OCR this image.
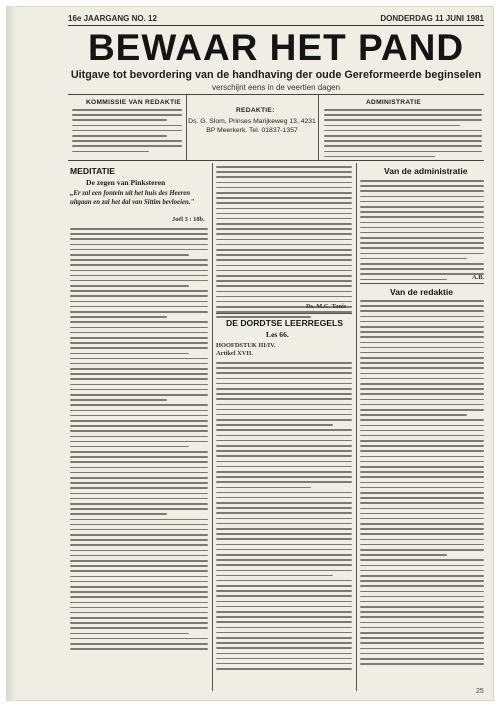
16e JAARGANG NO. 12	DONDERDAG 11 JUNI 1981
BEWAAR HET PAND
Uitgave tot bevordering van de handhaving der oude Gereformeerde beginselen
verschijnt eens in de veertien dagen
KOMMISSIE VAN REDAKTIE
REDAKTIE:
Ds. G. Slom, Prinses Marijkeweg 13, 4231 BP Meerkerk. Tel. 01837-1357
ADMINISTRATIE
MEDITATIE
De zegen van Pinksteren
„Er zal een fontein uit het huis des Heeren uitgaan en zal het dal van Sittim bevloeien."
Joël 3 : 18b.
Ds. M.C. Tanis
DE DORDTSE LEERREGELS
Les 66.
HOOFDSTUK III/IV.
Artikel XVII.
Van de administratie
A.B.
Van de redaktie
25
